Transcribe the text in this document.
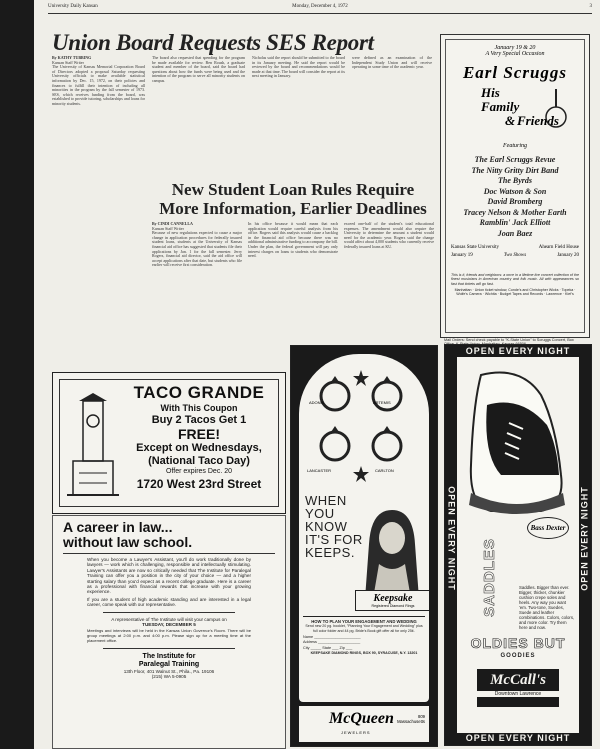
University Daily Kansan	Monday, December 4, 1972	3
Union Board Requests SES Report
By KATHY TUBBING
Kansan Staff Writer
The University of Kansas Memorial Corporation Board of Directors adopted a proposal Saturday requesting University officials to make available statistical information by Dec. 15, 1972, on their policies and finances to fulfill their intention of including all minorities in the program by the fall semester of 1973. SES, which receives funding from the board, was established to provide tutoring, scholarships and loans for minority students.
The board also requested that spending for the program be made available for review. Ben Roush, a graduate student and member of the board, said the board had questions about how the funds were being used and the intention of the program to serve all minority students on campus.
Nicholas said the report should be submitted to the board in its January meeting. He said the report would be reviewed by the board and recommendations would be made at that time. The board will consider the report at its next meeting in January.
were defined as an examination of the Independent Study Union and will receive operating in some time of the academic year.
New Student Loan Rules Require More Information, Earlier Deadlines
By CINDI CANNELLA
Kansan Staff Writer
Because of new regulations expected to cause a major change in application procedures for federally insured student loans, students at the University of Kansas financial aid office has suggested that students file their applications by Jan. 1 for the fall semester. Jerry Rogers, financial aid director, said the aid office will accept applications after that date, but students who file earlier will receive first consideration.
In his office because it would mean that each application would require careful analysis from his office. Rogers said this analysis would cause a backlog in the financial aid office because there was no additional administrative funding to accompany the bill. Under the plan, the federal government will pay only interest charges on loans to students who demonstrate need.
exceed one-half of the student's total educational expenses. The amendment would also require the University to determine the amount a student would need for the academic year. Rogers said the change would affect about 4,000 students who currently receive federally insured loans at KU.
TACO GRANDE
With This Coupon
Buy 2 Tacos Get 1
FREE!
Except on Wednesdays,
(National Taco Day)
Offer expires Dec. 20
1720 West 23rd Street
A career in law...
without law school.
When you become a Lawyer's Assistant, you'll do work traditionally done by lawyers — work which is challenging, responsible and intellectually stimulating. Lawyer's Assistants are now so critically needed that The Institute for Paralegal Training can offer you a position in the city of your choice — and a higher starting salary than you'd expect as a recent college graduate. Here is a career as a professional with financial rewards that increase with your growing experience.
If you are a student of high academic standing and are interested in a legal career, come speak with our representative.
A representative of The Institute will visit your campus on
TUESDAY, DECEMBER 5
Meetings and interviews will be held in the Kansas Union Governor's Room. There will be group meetings at 2:00 p.m. and 4:00 p.m. Please sign up for a meeting time at the placement office.
The Institute for
Paralegal Training
13th Floor, 401 Walnut St., Phila., Pa. 19106
(215) WA 5-0905
ADONIS	ARTEMIS
LANCASTER	CARLTON
WHEN
YOU
KNOW
IT'S FOR
KEEPS.
Keepsake
Registered Diamond Rings
HOW TO PLAN YOUR ENGAGEMENT AND WEDDING
Send new 20 pg. booklet, "Planning Your Engagement and Wedding" plus full color folder and 44 pg. Bride's Book gift offer all for only 25¢.
Name ______________________
Address ____________________
City _____ State ___ Zip ___
KEEPSAKE DIAMOND RINGS, BOX 90, SYRACUSE, N.Y. 13201
McQueen
JEWELERS
809
Massachusetts
January 19 & 20
A Very Special Occasion
Earl Scruggs
His
Family
& Friends
Featuring
The Earl Scruggs Revue
The Nitty Gritty Dirt Band
The Byrds
Doc Watson & Son
David Bromberg
Tracey Nelson & Mother Earth
Ramblin' Jack Elliott
Joan Baez
Kansas State University
January 19
Ahearn Field House
January 20
Two Shows
This is it, friends and neighbors: a once in a lifetime live concert collection of the finest musicians in American country and folk music. All with appearances so fast that tickets will go fast.
Manhattan · Union ticket window, Conde's and Christopher Wicks · Topeka · Wolfe's Camera · Wichita · Budget Tapes and Records · Lawrence · Kief's
Mail Orders: Send check payable to "K-State Union" to Scruggs Concert, Box
OPEN EVERY NIGHT
OPEN EVERY NIGHT
OPEN EVERY NIGHT	OPEN EVERY NIGHT
Bass Dexter
SADDLES	Saddles. Bigger than ever. Bigger, thicker, chunkier cushion crepe soles and heels. Any way you want 'em. Two-tone, Suedes, Suede and leather combinations. Colors, colors, and more color. Try them here and now.
OLDIES BUT
GOODIES
McCall's
Downtown Lawrence
